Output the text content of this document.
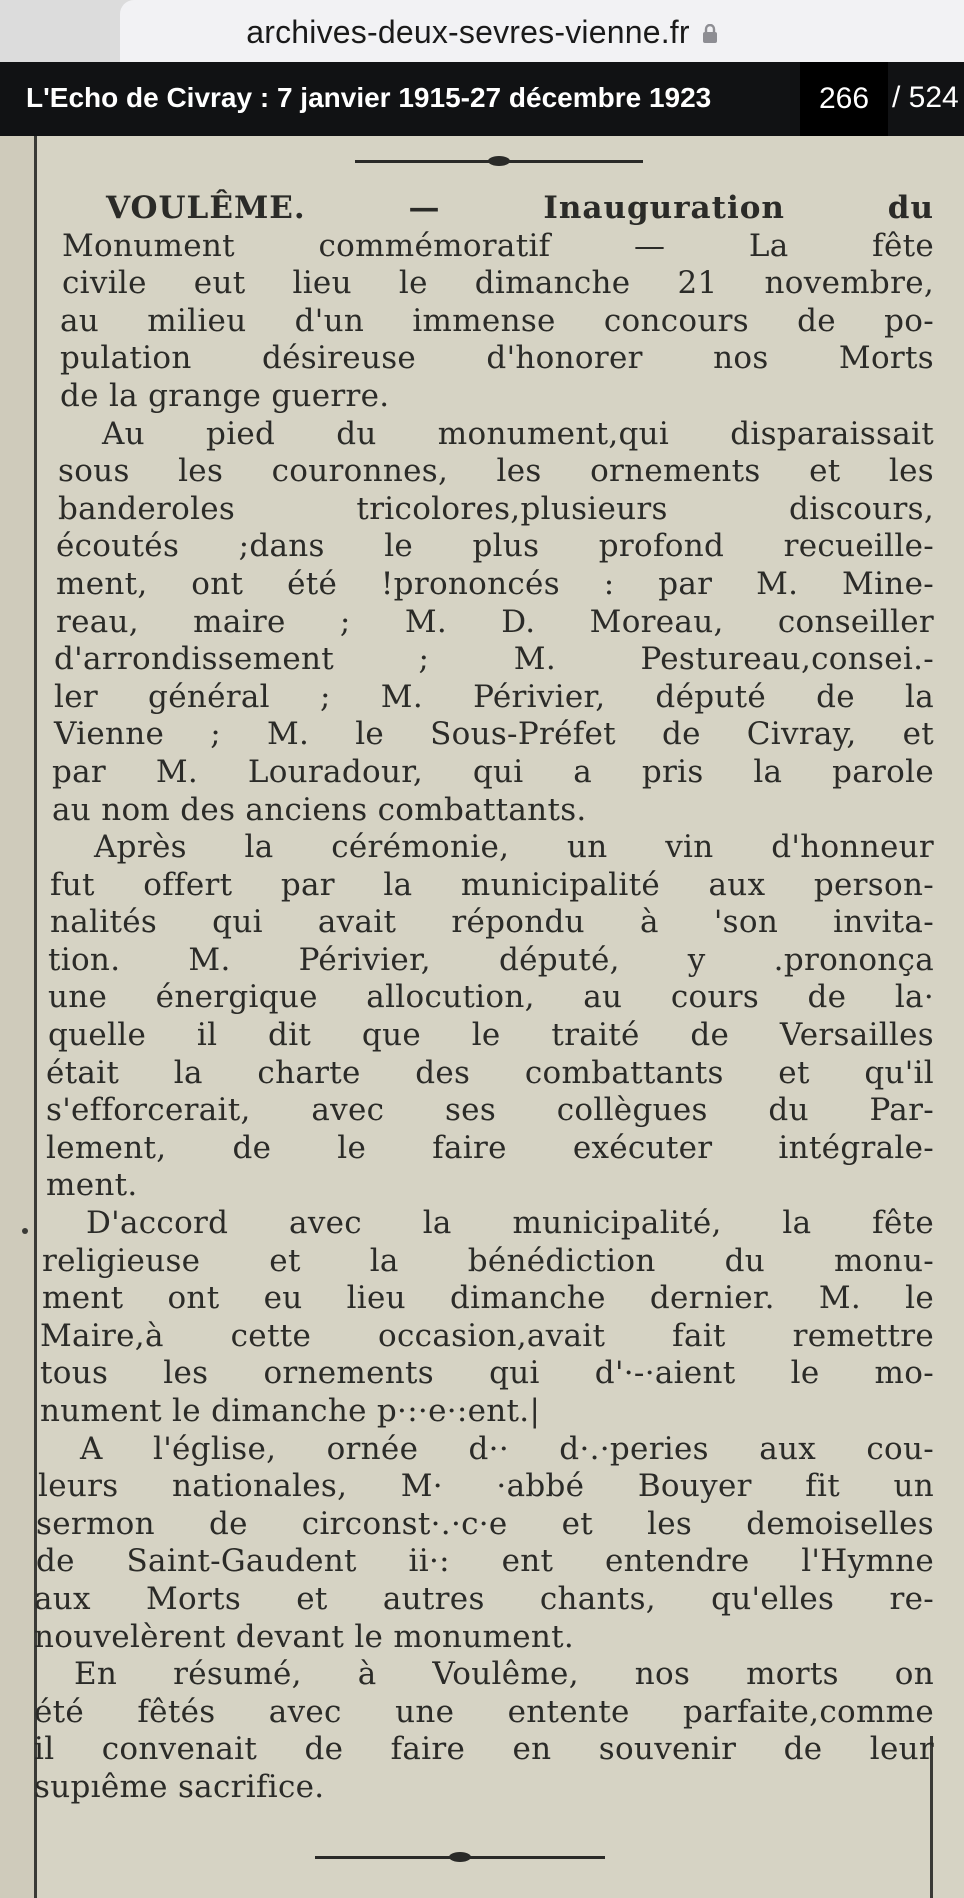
archives-deux-sevres-vienne.fr
L'Echo de Civray : 7 janvier 1915-27 décembre 1923	266 / 524
VOULÊME. — Inauguration du
Monument commémoratif — La fête
civile eut lieu le dimanche 21 novembre,
au milieu d'un immense concours de po-
pulation désireuse d'honorer nos Morts
de la grange guerre.
Au pied du monument,qui disparaissait
sous les couronnes, les ornements et les
banderoles tricolores,plusieurs discours,
écoutés ;dans le plus profond recueille-
ment, ont été !prononcés : par M. Mine-
reau, maire ; M. D. Moreau, conseiller
d'arrondissement ; M. Pestureau,consei.-
ler général ; M. Périvier, député de la
Vienne ; M. le Sous-Préfet de Civray, et
par M. Louradour, qui a pris la parole
au nom des anciens combattants.
Après la cérémonie, un vin d'honneur
fut offert par la municipalité aux person-
nalités qui avait répondu à 'son invita-
tion. M. Périvier, député, y .prononça
une énergique allocution, au cours de la·
quelle il dit que le traité de Versailles
était la charte des combattants et qu'il
s'efforcerait, avec ses collègues du Par-
lement, de le faire exécuter intégrale-
ment.
D'accord avec la municipalité, la fête
religieuse et la bénédiction du monu-
ment ont eu lieu dimanche dernier. M. le
Maire,à cette occasion,avait fait remettre
tous les ornements qui d'·-·aient le mo-
nument le dimanche p·:·e·:ent.|
A l'église, ornée d·· d·.·peries aux cou-
leurs nationales, M· ·abbé Bouyer fit un
sermon de circonst·.·c·e et les demoiselles
de Saint-Gaudent ii·: ent entendre l'Hymne
aux Morts et autres chants, qu'elles re-
nouvelèrent devant le monument.
En résumé, à Voulême, nos morts on
été fêtés avec une entente parfaite,comme
il convenait de faire en souvenir de leur
supıême sacrifice.
